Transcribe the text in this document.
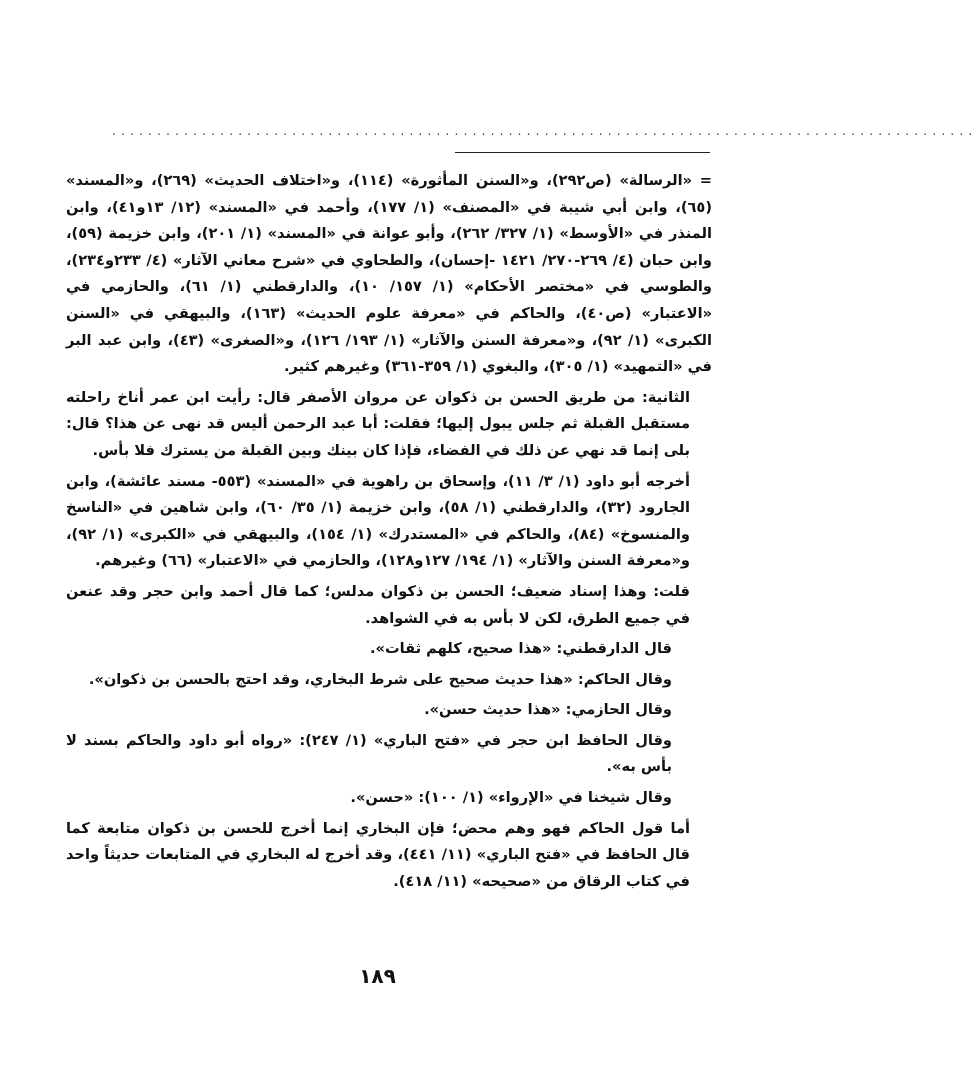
................................................................................................

= «الرسالة» (ص٢٩٢)، و«السنن المأثورة» (١١٤)، و«اختلاف الحديث» (٢٦٩)، و«المسند» (٦٥)، وابن أبي شيبة في «المصنف» (١/ ١٧٧)، وأحمد في «المسند» (١٢/ ١٣و٤١)، وابن المنذر في «الأوسط» (١/ ٣٢٧/ ٢٦٢)، وأبو عوانة في «المسند» (١/ ٢٠١)، وابن خزيمة (٥٩)، وابن حبان (٤/ ٢٦٩-٢٧٠/ ١٤٢١ -إحسان)، والطحاوي في «شرح معاني الآثار» (٤/ ٢٣٣و٢٣٤)، والطوسي في «مختصر الأحكام» (١/ ١٥٧/ ١٠)، والدارقطني (١/ ٦١)، والحازمي في «الاعتبار» (ص٤٠)، والحاكم في «معرفة علوم الحديث» (١٦٣)، والبيهقي في «السنن الكبرى» (١/ ٩٢)، و«معرفة السنن والآثار» (١/ ١٩٣/ ١٢٦)، و«الصغرى» (٤٣)، وابن عبد البر في «التمهيد» (١/ ٣٠٥)، والبغوي (١/ ٣٥٩-٣٦١) وغيرهم كثير.

الثانية: من طريق الحسن بن ذكوان عن مروان الأصفر قال: رأيت ابن عمر أناخ راحلته مستقبل القبلة ثم جلس يبول إليها؛ فقلت: أبا عبد الرحمن أليس قد نهى عن هذا؟ قال: بلى إنما قد نهي عن ذلك في الفضاء، فإذا كان بينك وبين القبلة من يسترك فلا بأس.

أخرجه أبو داود (١/ ٣/ ١١)، وإسحاق بن راهوية في «المسند» (٥٥٣- مسند عائشة)، وابن الجارود (٣٢)، والدارقطني (١/ ٥٨)، وابن خزيمة (١/ ٣٥/ ٦٠)، وابن شاهين في «الناسخ والمنسوخ» (٨٤)، والحاكم في «المستدرك» (١/ ١٥٤)، والبيهقي في «الكبرى» (١/ ٩٢)، و«معرفة السنن والآثار» (١/ ١٩٤/ ١٢٧و١٢٨)، والحازمي في «الاعتبار» (٦٦) وغيرهم.

قلت: وهذا إسناد ضعيف؛ الحسن بن ذكوان مدلس؛ كما قال أحمد وابن حجر وقد عنعن في جميع الطرق، لكن لا بأس به في الشواهد.

قال الدارقطني: «هذا صحيح، كلهم ثقات».

وقال الحاكم: «هذا حديث صحيح على شرط البخاري، وقد احتج بالحسن بن ذكوان».

وقال الحازمي: «هذا حديث حسن».

وقال الحافظ ابن حجر في «فتح الباري» (١/ ٢٤٧): «رواه أبو داود والحاكم بسند لا بأس به».

وقال شيخنا في «الإرواء» (١/ ١٠٠): «حسن».

أما قول الحاكم فهو وهم محض؛ فإن البخاري إنما أخرج للحسن بن ذكوان متابعة كما قال الحافظ في «فتح الباري» (١١/ ٤٤١)، وقد أخرج له البخاري في المتابعات حديثاً واحد في كتاب الرقاق من «صحيحه» (١١/ ٤١٨).

١٨٩
